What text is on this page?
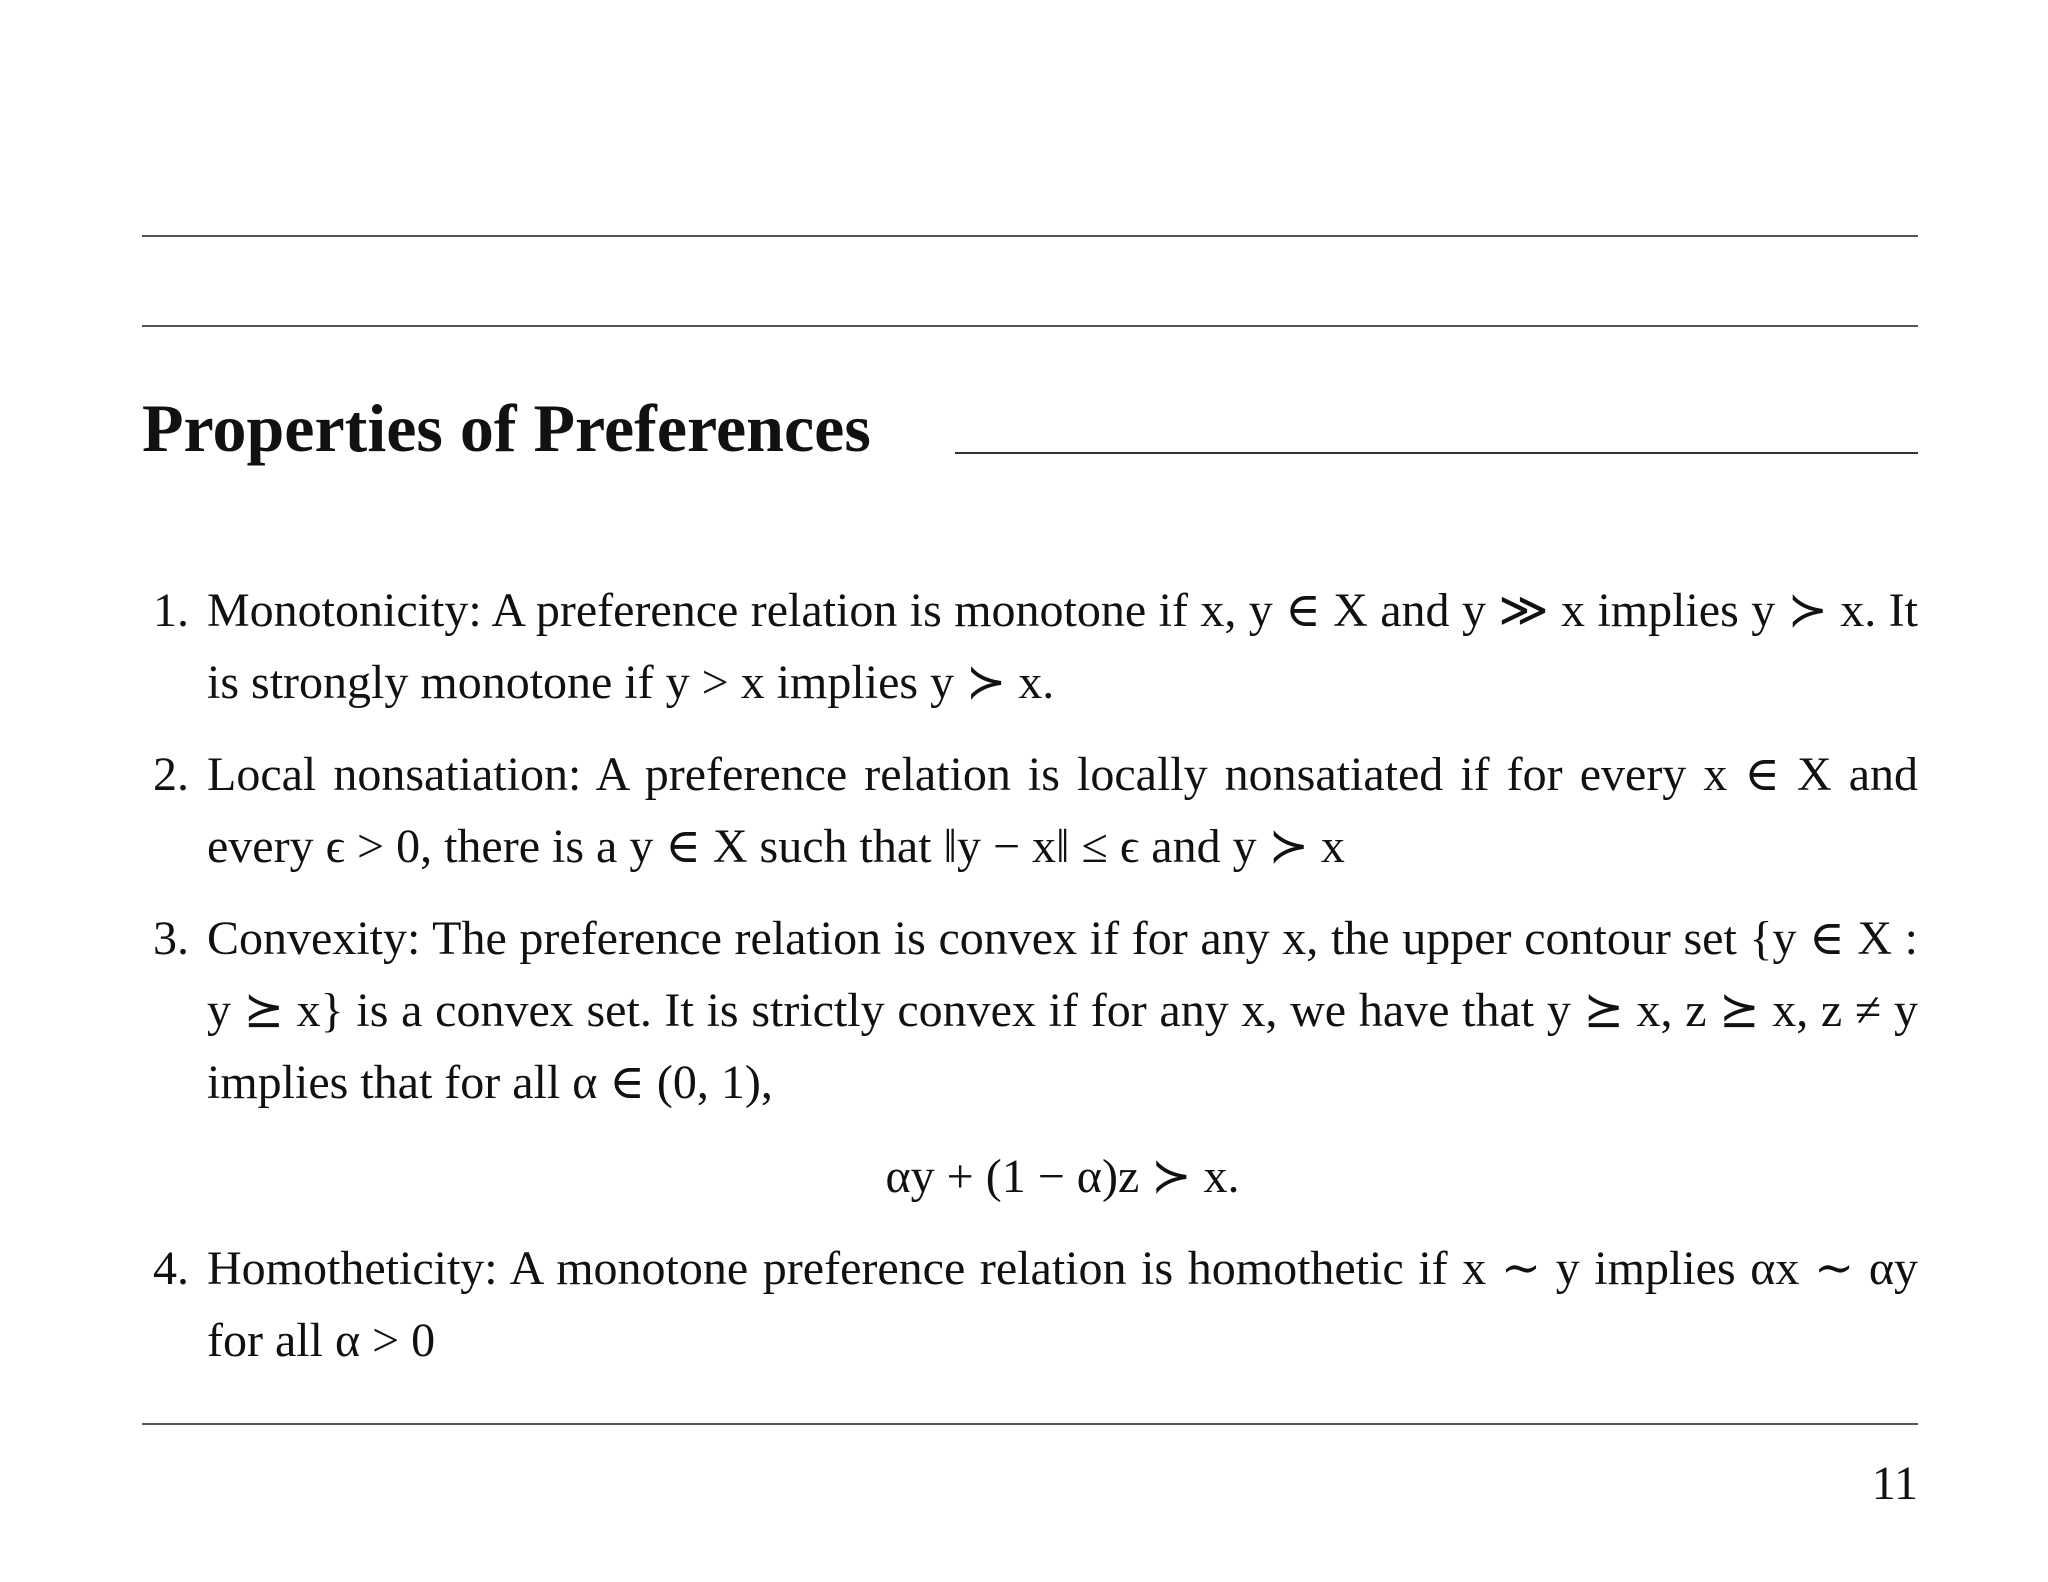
Properties of Preferences
1. Monotonicity: A preference relation is monotone if x, y ∈ X and y ≫ x implies y ≻ x. It is strongly monotone if y > x implies y ≻ x.
2. Local nonsatiation: A preference relation is locally nonsatiated if for every x ∈ X and every ϵ > 0, there is a y ∈ X such that ‖y − x‖ ≤ ϵ and y ≻ x
3. Convexity: The preference relation is convex if for any x, the upper contour set {y ∈ X : y ⪰ x} is a convex set. It is strictly convex if for any x, we have that y ⪰ x, z ⪰ x, z ≠ y implies that for all α ∈ (0, 1),
αy + (1 − α)z ≻ x.
4. Homotheticity: A monotone preference relation is homothetic if x ∼ y implies αx ∼ αy for all α > 0
11
